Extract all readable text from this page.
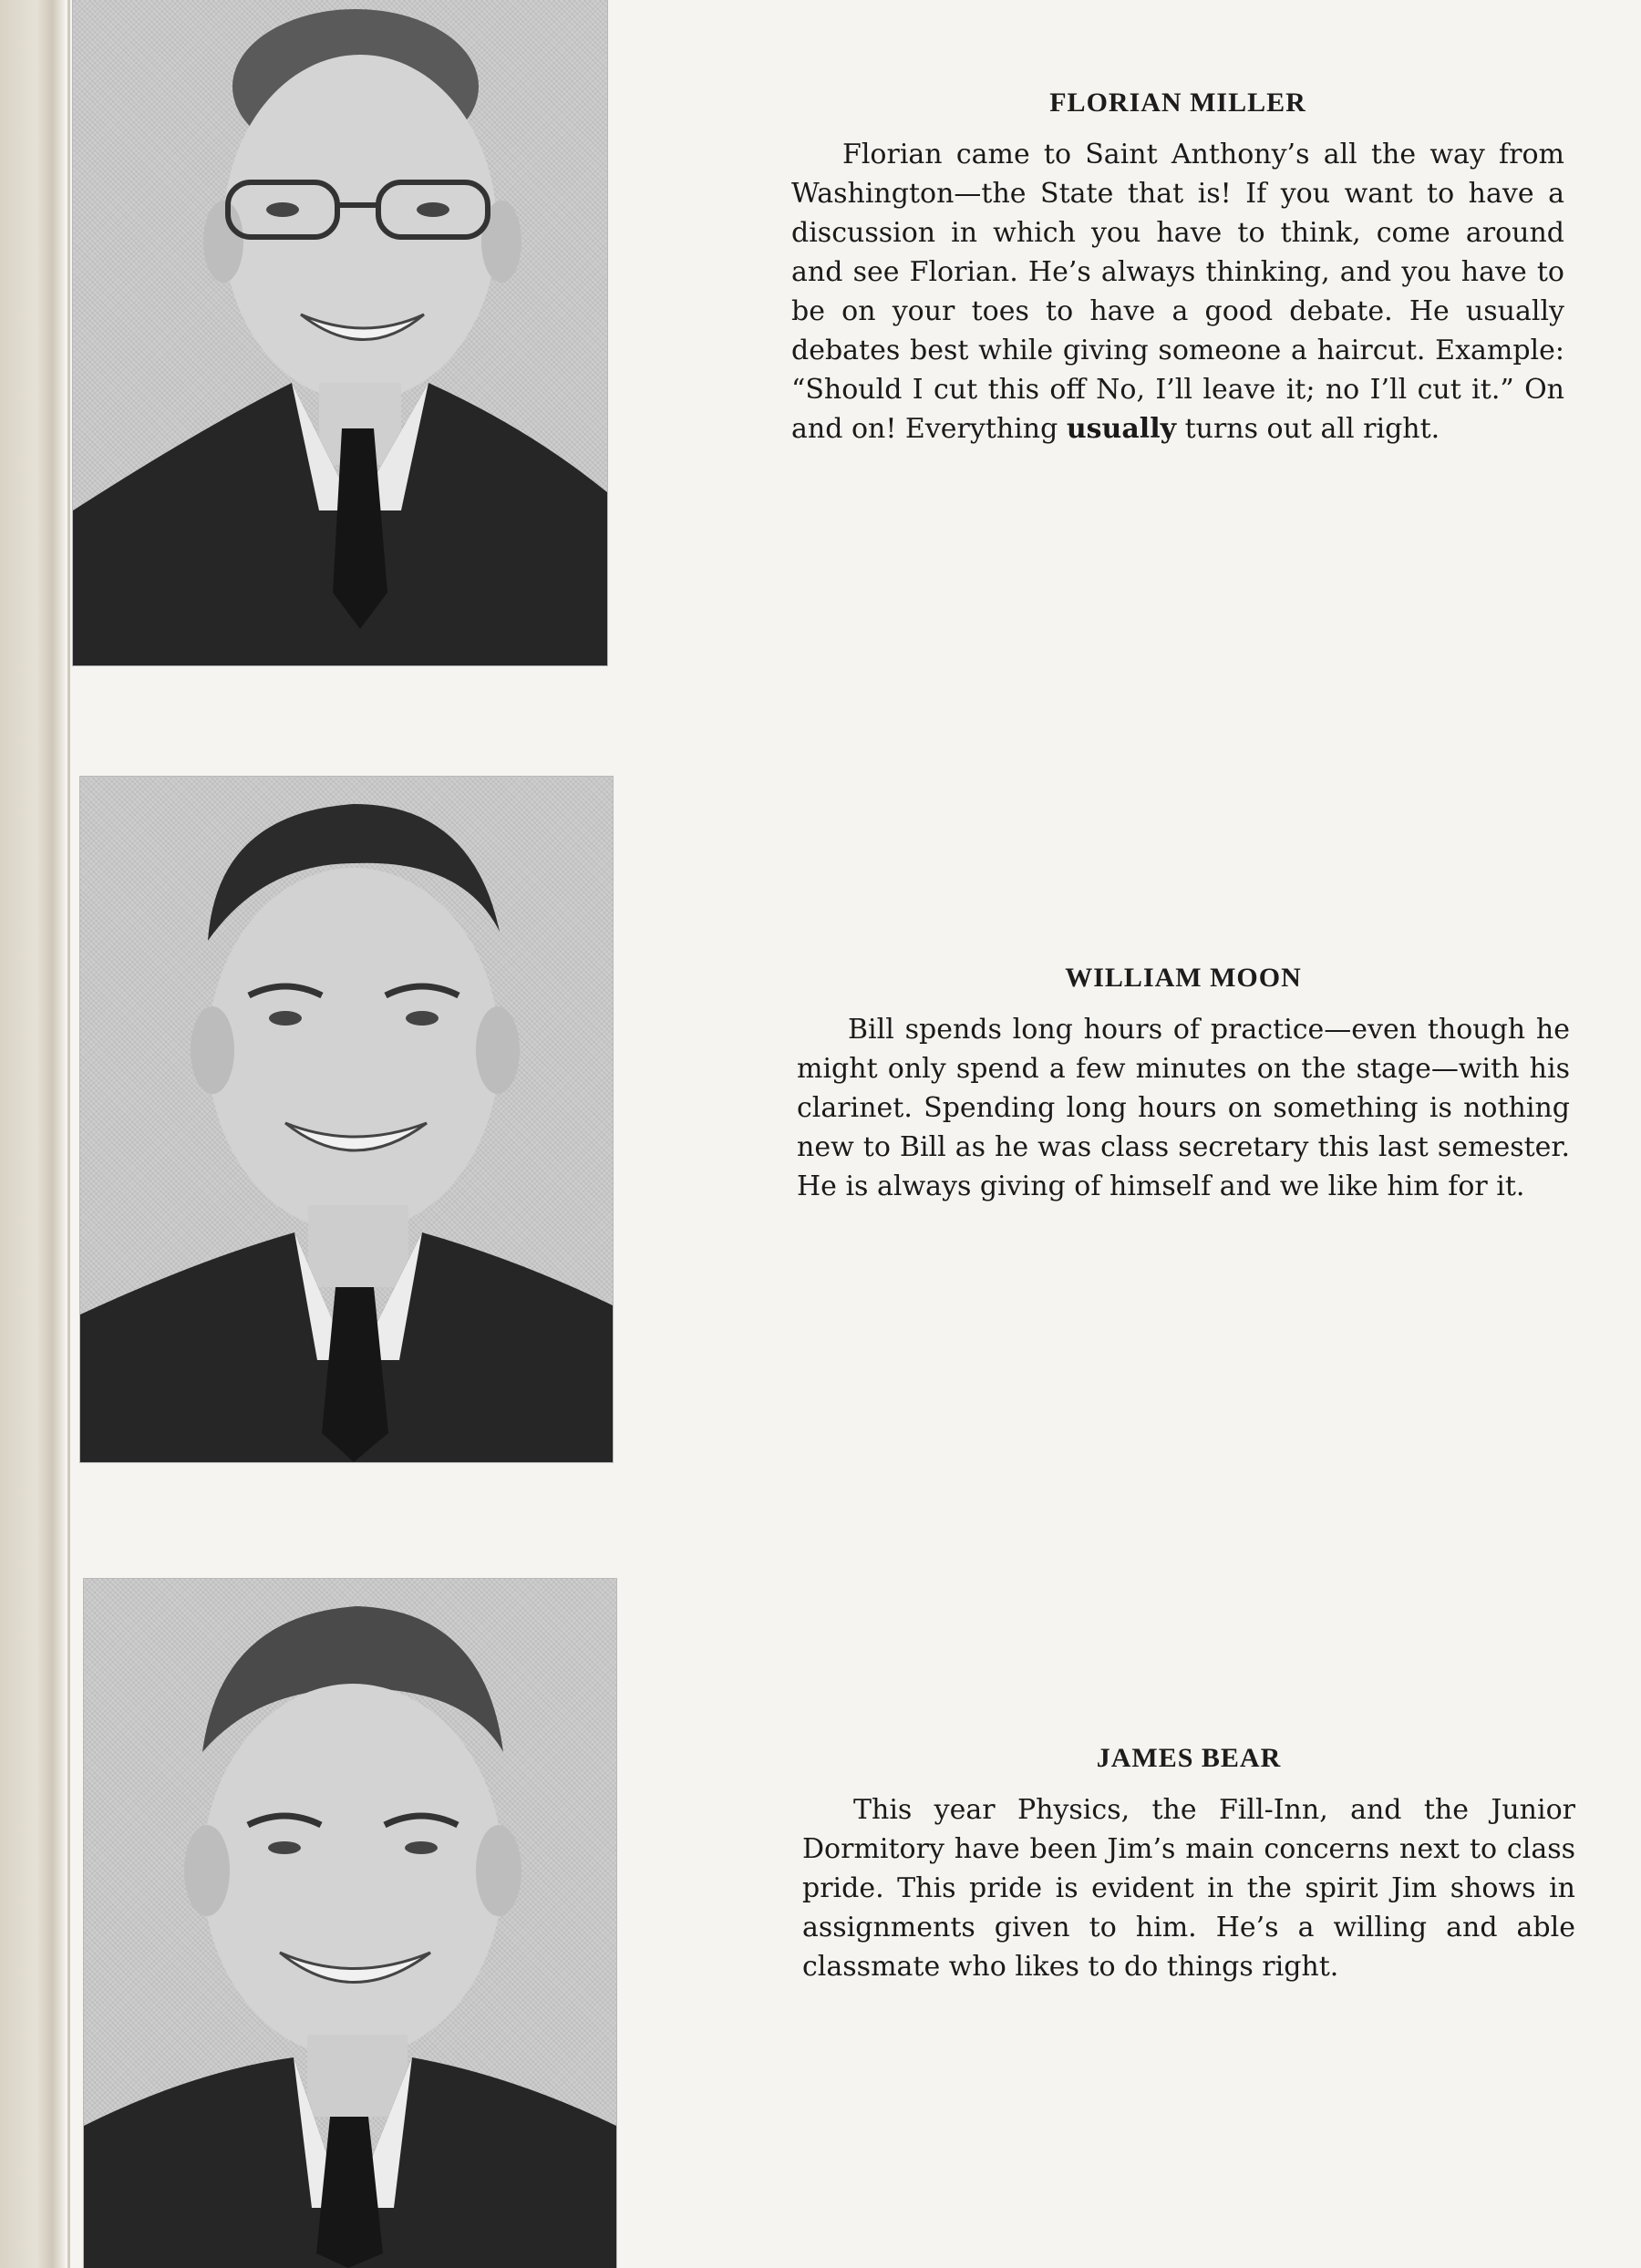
FLORIAN MILLER

Florian came to Saint Anthony’s all the way from Washington—the State that is! If you want to have a discussion in which you have to think, come around and see Florian. He’s always thinking, and you have to be on your toes to have a good debate. He usually debates best while giving someone a haircut. Example: “Should I cut this off No, I’ll leave it; no I’ll cut it.” On and on! Everything usually turns out all right.

WILLIAM MOON

Bill spends long hours of practice—even though he might only spend a few minutes on the stage—with his clarinet. Spending long hours on something is nothing new to Bill as he was class secretary this last semester. He is always giving of himself and we like him for it.

JAMES BEAR

This year Physics, the Fill-Inn, and the Junior Dormitory have been Jim’s main concerns next to class pride. This pride is evident in the spirit Jim shows in assignments given to him. He’s a willing and able classmate who likes to do things right.
